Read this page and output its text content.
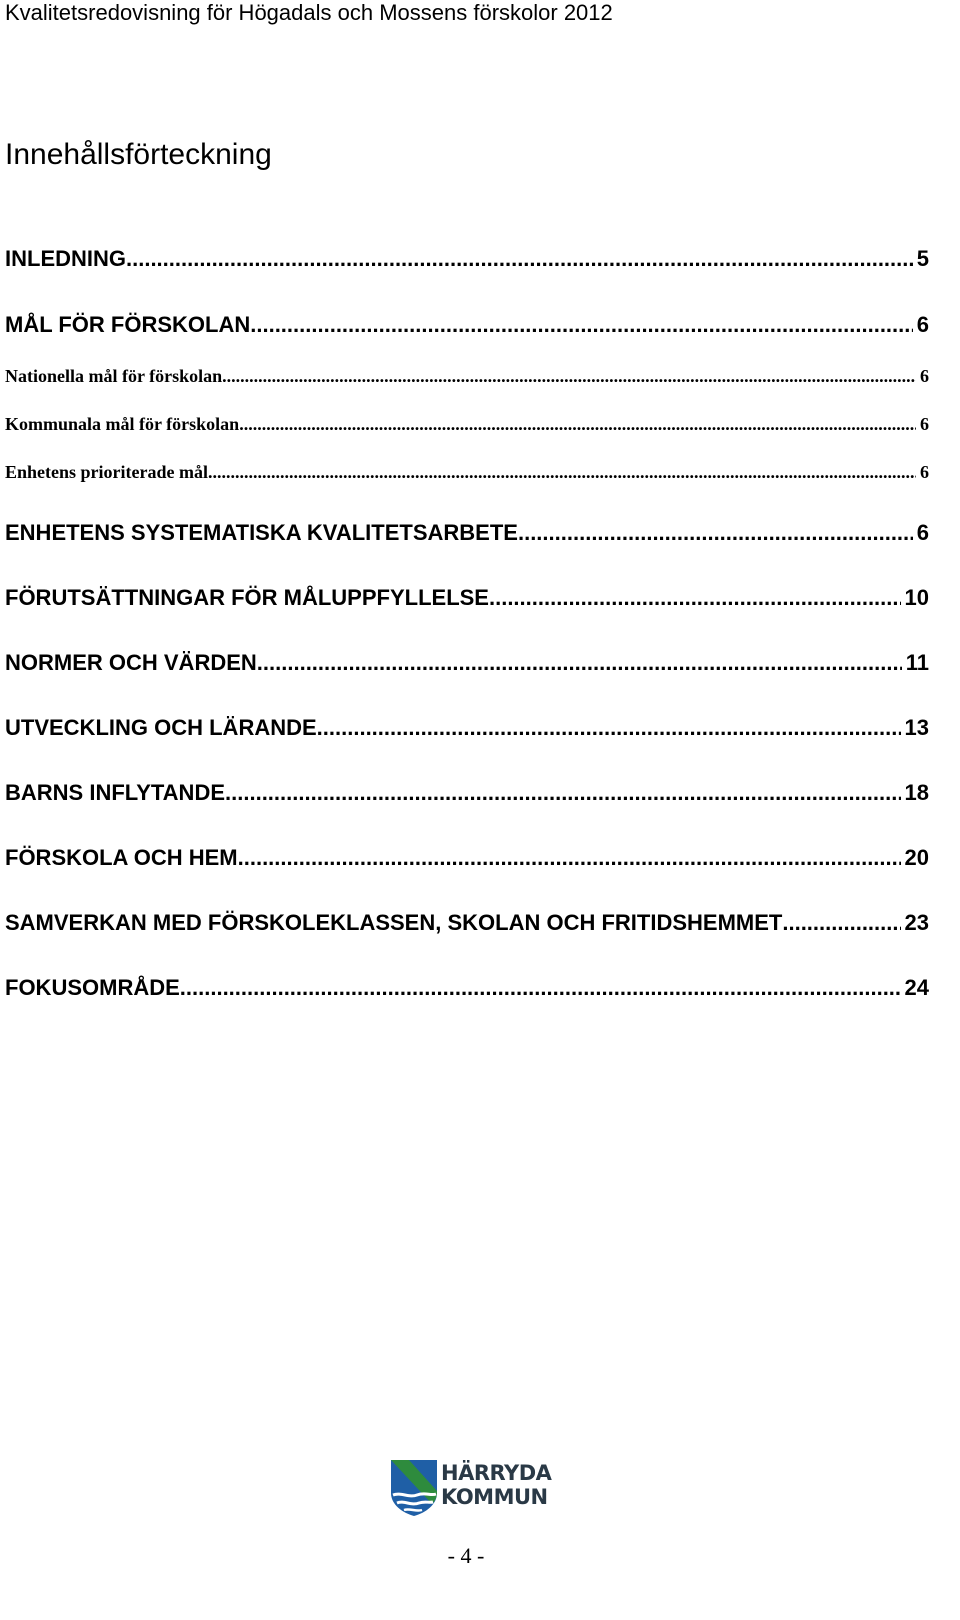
Kvalitetsredovisning för Högadals och Mossens förskolor 2012
Innehållsförteckning
INLEDNING .....	5
MÅL FÖR FÖRSKOLAN .....	6
Nationella mål för förskolan .....	6
Kommunala mål för förskolan .....	6
Enhetens prioriterade mål .....	6
ENHETENS SYSTEMATISKA KVALITETSARBETE .....	6
FÖRUTSÄTTNINGAR FÖR MÅLUPPFYLLELSE .....	10
NORMER OCH VÄRDEN .....	11
UTVECKLING OCH LÄRANDE .....	13
BARNS INFLYTANDE .....	18
FÖRSKOLA OCH HEM .....	20
SAMVERKAN MED FÖRSKOLEKLASSEN, SKOLAN OCH FRITIDSHEMMET .....	23
FOKUSOMRÅDE .....	24
HÄRRYDA
KOMMUN
- 4 -
